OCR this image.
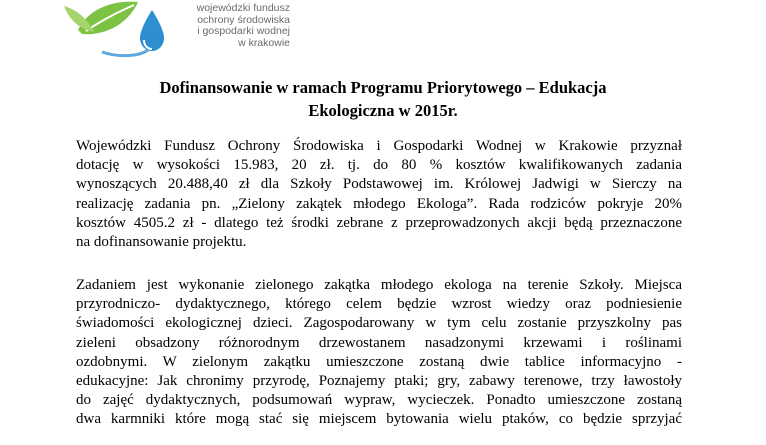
wojewódzki fundusz
ochrony środowiska
i gospodarki wodnej
w krakowie
Dofinansowanie w ramach Programu Priorytowego – Edukacja
Ekologiczna w 2015r.
Wojewódzki Fundusz Ochrony Środowiska i Gospodarki Wodnej w Krakowie przyznał
dotację w wysokości 15.983, 20 zł. tj. do 80 % kosztów kwalifikowanych zadania
wynoszących 20.488,40 zł dla Szkoły Podstawowej im. Królowej Jadwigi w Sierczy na
realizację zadania pn. „Zielony zakątek młodego Ekologa”. Rada rodziców pokryje 20%
kosztów 4505.2 zł - dlatego też środki zebrane z przeprowadzonych akcji będą przeznaczone
na dofinansowanie projektu.
Zadaniem jest wykonanie zielonego zakątka młodego ekologa na terenie Szkoły. Miejsca
przyrodniczo- dydaktycznego, którego celem będzie wzrost wiedzy oraz podniesienie
świadomości ekologicznej dzieci. Zagospodarowany w tym celu zostanie przyszkolny pas
zieleni obsadzony różnorodnym drzewostanem nasadzonymi krzewami i roślinami
ozdobnymi. W zielonym zakątku umieszczone zostaną dwie tablice informacyjno -
edukacyjne: Jak chronimy przyrodę, Poznajemy ptaki; gry, zabawy terenowe, trzy ławostoły
do zajęć dydaktycznych, podsumowań wypraw, wycieczek. Ponadto umieszczone zostaną
dwa karmniki które mogą stać się miejscem bytowania wielu ptaków, co będzie sprzyjać
